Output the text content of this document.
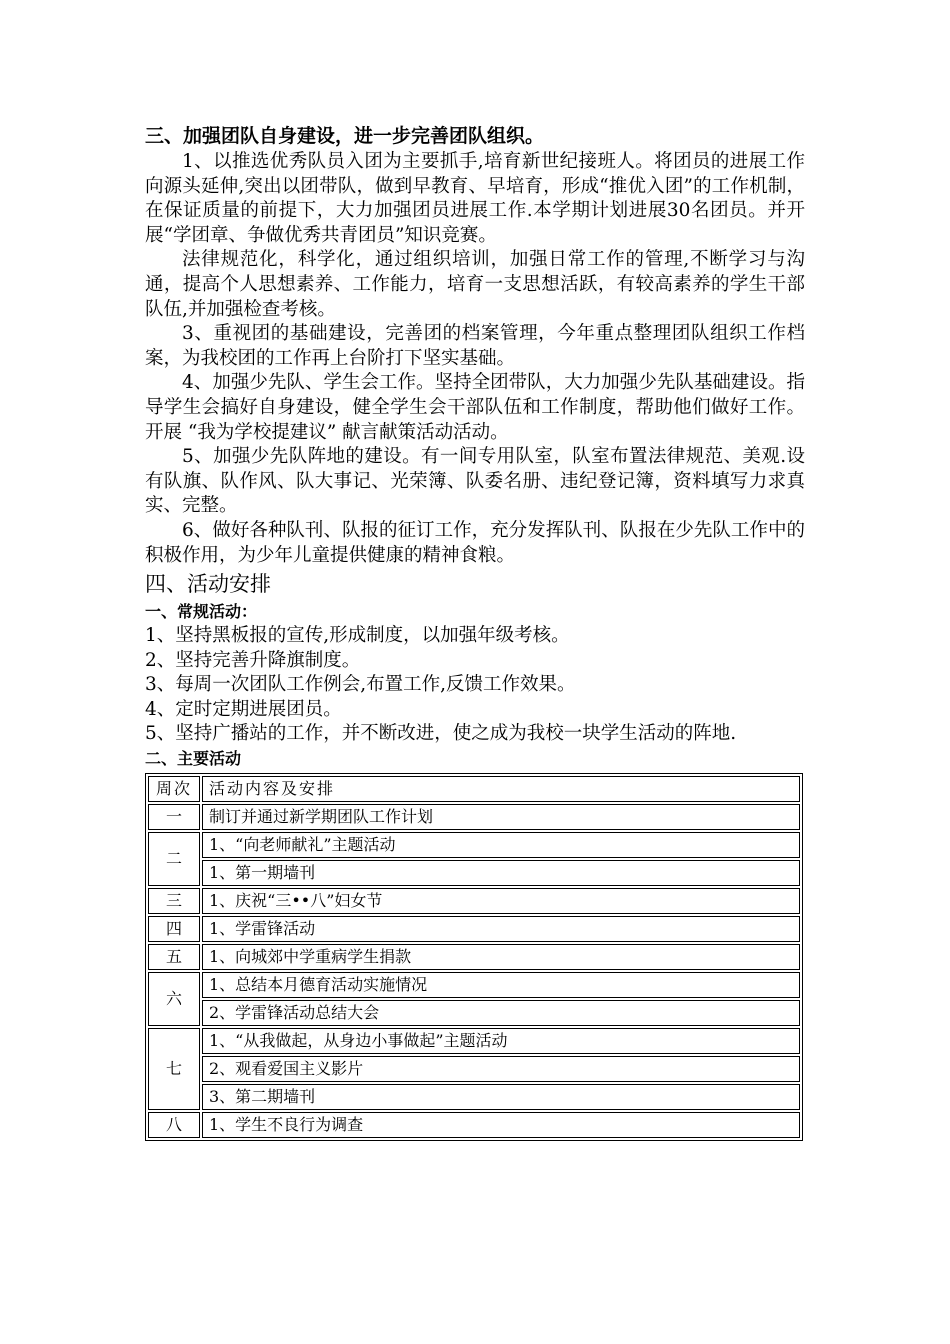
三、加强团队自身建设，进一步完善团队组织。

1、以推选优秀队员入团为主要抓手,培育新世纪接班人。将团员的进展工作向源头延伸,突出以团带队，做到早教育、早培育，形成“推优入团”的工作机制，在保证质量的前提下，大力加强团员进展工作.本学期计划进展30名团员。并开展“学团章、争做优秀共青团员”知识竞赛。

法律规范化，科学化，通过组织培训，加强日常工作的管理,不断学习与沟通，提高个人思想素养、工作能力，培育一支思想活跃，有较高素养的学生干部队伍,并加强检查考核。

3、重视团的基础建设，完善团的档案管理，今年重点整理团队组织工作档案，为我校团的工作再上台阶打下坚实基础。

4、加强少先队、学生会工作。坚持全团带队，大力加强少先队基础建设。指导学生会搞好自身建设，健全学生会干部队伍和工作制度，帮助他们做好工作。开展 “我为学校提建议” 献言献策活动活动。

5、加强少先队阵地的建设。有一间专用队室，队室布置法律规范、美观.设有队旗、队作风、队大事记、光荣簿、队委名册、违纪登记簿，资料填写力求真实、完整。

6、做好各种队刊、队报的征订工作，充分发挥队刊、队报在少先队工作中的积极作用，为少年儿童提供健康的精神食粮。

四、活动安排
一、常规活动：

1、坚持黑板报的宣传,形成制度，以加强年级考核。

2、坚持完善升降旗制度。

3、每周一次团队工作例会,布置工作,反馈工作效果。

4、定时定期进展团员。

5、坚持广播站的工作，并不断改进，使之成为我校一块学生活动的阵地.

二、主要活动
周次	活动内容及安排
一	制订并通过新学期团队工作计划
二	1、“向老师献礼”主题活动
	1、第一期墙刊
三	1、庆祝“三••八”妇女节
四	1、学雷锋活动
五	1、向城郊中学重病学生捐款
六	1、总结本月德育活动实施情况
	2、学雷锋活动总结大会
七	1、“从我做起，从身边小事做起”主题活动
	2、观看爱国主义影片
	3、第二期墙刊
八	1、学生不良行为调查
